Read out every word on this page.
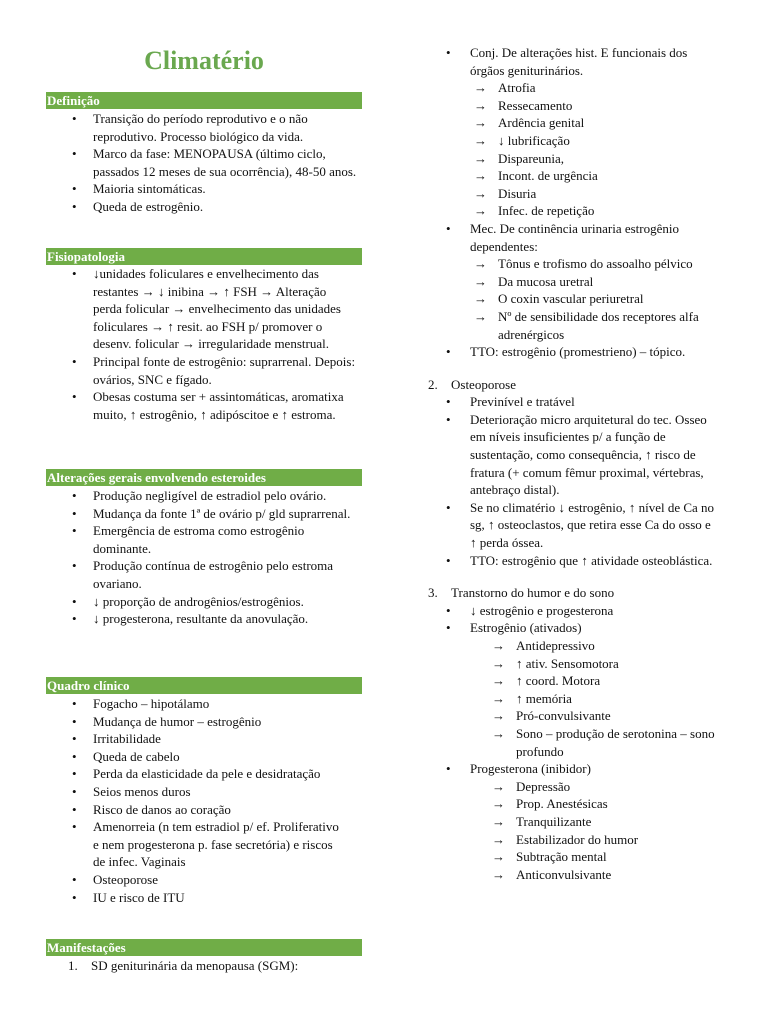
Climatério
Definição
• Transição do período reprodutivo e o não reprodutivo. Processo biológico da vida.
• Marco da fase: MENOPAUSA (último ciclo, passados 12 meses de sua ocorrência), 48-50 anos.
• Maioria sintomáticas.
• Queda de estrogênio.
Fisiopatologia
• ↓unidades foliculares e envelhecimento das restantes → ↓ inibina → ↑ FSH → Alteração perda folicular → envelhecimento das unidades foliculares → ↑ resit. ao FSH p/ promover o desenv. folicular → irregularidade menstrual.
• Principal fonte de estrogênio: suprarrenal. Depois: ovários, SNC e fígado.
• Obesas costuma ser + assintomáticas, aromatixa muito, ↑ estrogênio, ↑ adipóscitoe e ↑ estroma.
Alterações gerais envolvendo esteroides
• Produção negligível de estradiol pelo ovário.
• Mudança da fonte 1ª de ovário p/ gld suprarrenal.
• Emergência de estroma como estrogênio dominante.
• Produção contínua de estrogênio pelo estroma ovariano.
• ↓ proporção de androgênios/estrogênios.
• ↓ progesterona, resultante da anovulação.
Quadro clínico
• Fogacho – hipotálamo
• Mudança de humor – estrogênio
• Irritabilidade
• Queda de cabelo
• Perda da elasticidade da pele e desidratação
• Seios menos duros
• Risco de danos ao coração
• Amenorreia (n tem estradiol p/ ef. Proliferativo e nem progesterona p. fase secretória) e riscos de infec. Vaginais
• Osteoporose
• IU e risco de ITU
Manifestações
1. SD geniturinária da menopausa (SGM):
• Conj. De alterações hist. E funcionais dos órgãos geniturinários.
→ Atrofia
→ Ressecamento
→ Ardência genital
→ ↓ lubrificação
→ Dispareunia,
→ Incont. de urgência
→ Disuria
→ Infec. de repetição
• Mec. De continência urinaria estrogênio dependentes:
→ Tônus e trofismo do assoalho pélvico
→ Da mucosa uretral
→ O coxin vascular periuretral
→ Nº de sensibilidade dos receptores alfa adrenérgicos
• TTO: estrogênio (promestrieno) – tópico.
2. Osteoporose
• Previnível e tratável
• Deterioração micro arquitetural do tec. Osseo em níveis insuficientes p/ a função de sustentação, como consequência, ↑ risco de fratura (+ comum fêmur proximal, vértebras, antebraço distal).
• Se no climatério ↓ estrogênio, ↑ nível de Ca no sg, ↑ osteoclastos, que retira esse Ca do osso e ↑ perda óssea.
• TTO: estrogênio que ↑ atividade osteoblástica.
3. Transtorno do humor e do sono
• ↓ estrogênio e progesterona
• Estrogênio (ativados)
→ Antidepressivo
→ ↑ ativ. Sensomotora
→ ↑ coord. Motora
→ ↑ memória
→ Pró-convulsivante
→ Sono – produção de serotonina – sono profundo
• Progesterona (inibidor)
→ Depressão
→ Prop. Anestésicas
→ Tranquilizante
→ Estabilizador do humor
→ Subtração mental
→ Anticonvulsivante
